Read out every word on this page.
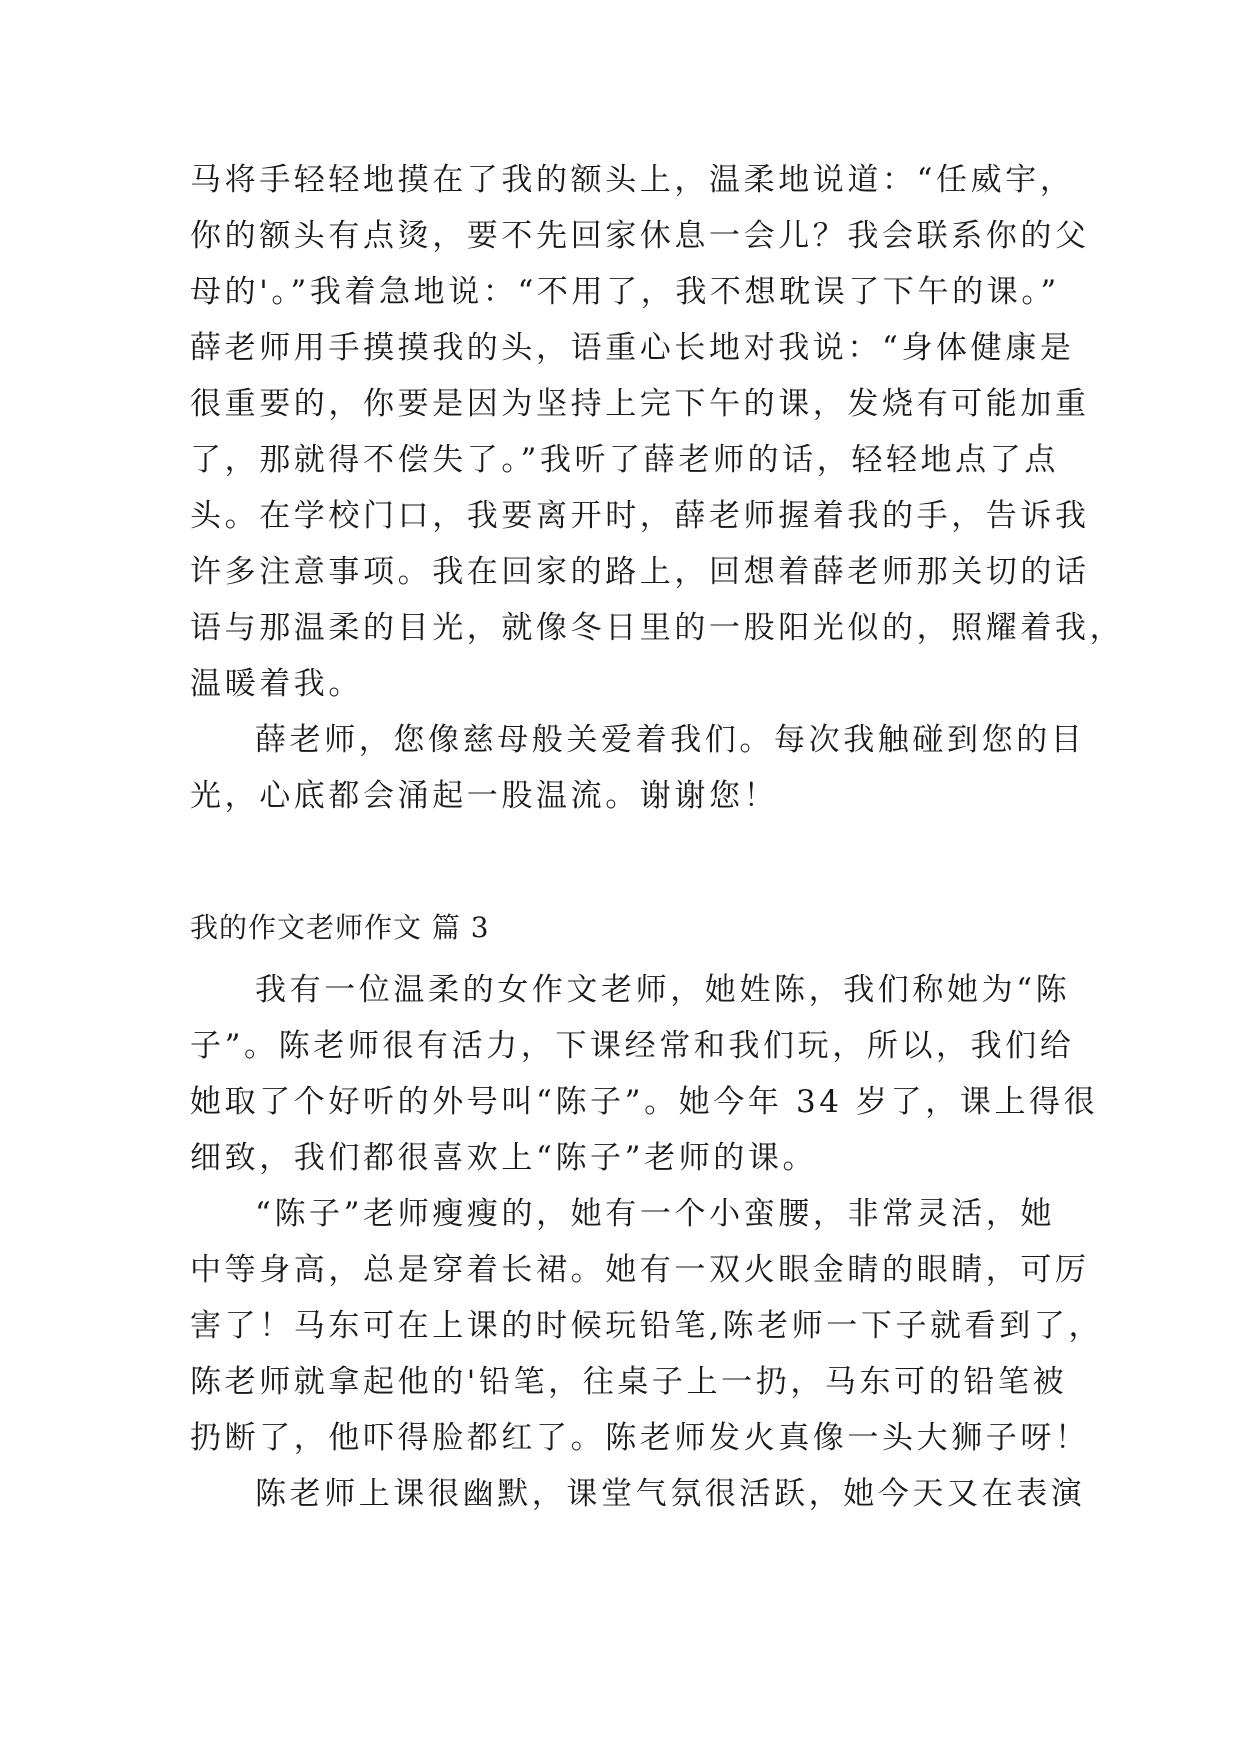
马将手轻轻地摸在了我的额头上，温柔地说道：“任威宇，
你的额头有点烫，要不先回家休息一会儿？我会联系你的父
母的'。”我着急地说：“不用了，我不想耽误了下午的课。”
薛老师用手摸摸我的头，语重心长地对我说：“身体健康是
很重要的，你要是因为坚持上完下午的课，发烧有可能加重
了，那就得不偿失了。”我听了薛老师的话，轻轻地点了点
头。在学校门口，我要离开时，薛老师握着我的手，告诉我
许多注意事项。我在回家的路上，回想着薛老师那关切的话
语与那温柔的目光，就像冬日里的一股阳光似的，照耀着我，
温暖着我。
薛老师，您像慈母般关爱着我们。每次我触碰到您的目
光，心底都会涌起一股温流。谢谢您！
我的作文老师作文 篇 3
我有一位温柔的女作文老师，她姓陈，我们称她为“陈
子”。陈老师很有活力，下课经常和我们玩，所以，我们给
她取了个好听的外号叫“陈子”。她今年 34 岁了，课上得很
细致，我们都很喜欢上“陈子”老师的课。
“陈子”老师瘦瘦的，她有一个小蛮腰，非常灵活，她
中等身高，总是穿着长裙。她有一双火眼金睛的眼睛，可厉
害了！马东可在上课的时候玩铅笔,陈老师一下子就看到了，
陈老师就拿起他的'铅笔，往桌子上一扔，马东可的铅笔被
扔断了，他吓得脸都红了。陈老师发火真像一头大狮子呀！
陈老师上课很幽默，课堂气氛很活跃，她今天又在表演
